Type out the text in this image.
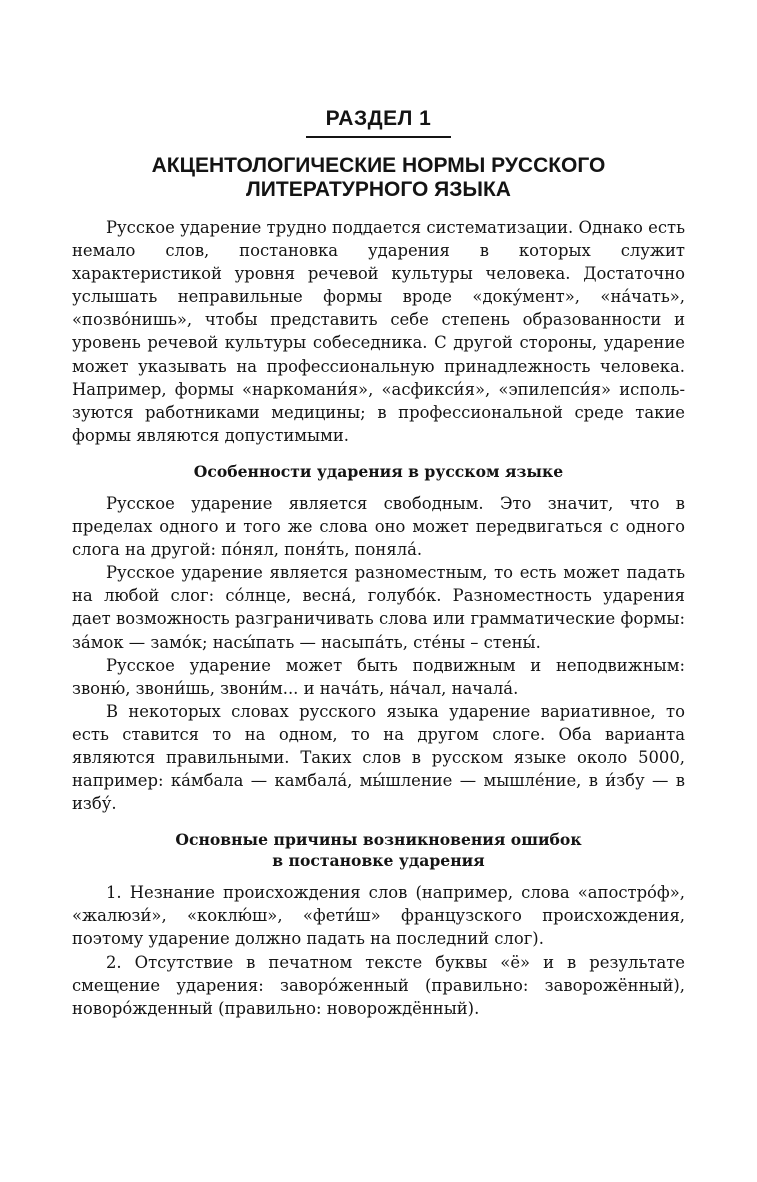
РАЗДЕЛ 1
АКЦЕНТОЛОГИЧЕСКИЕ НОРМЫ РУССКОГО
ЛИТЕРАТУРНОГО ЯЗЫКА

Русское ударение трудно поддается систематизации. Однако есть немало слов, постановка ударения в которых служит характеристикой уровня речевой культуры человека. Достаточно услышать неправильные формы вроде «доку́мент», «на́чать», «позво́нишь», чтобы представить себе степень образованности и уровень речевой культуры собеседника. С другой стороны, ударение может указывать на профессиональную принадлежность человека. Например, формы «наркомани́я», «асфикси́я», «эпилепси́я» используются работниками медицины; в профессиональной среде такие формы являются допустимыми.

Особенности ударения в русском языке

Русское ударение является свободным. Это значит, что в пределах одного и того же слова оно может передвигаться с одного слога на другой: по́нял, поня́ть, поняла́.

Русское ударение является разноместным, то есть может падать на любой слог: со́лнце, весна́, голубо́к. Разноместность ударения дает возможность разграничивать слова или грамматические формы: за́мок — замо́к; насы́пать — насыпа́ть, сте́ны – стены́.

Русское ударение может быть подвижным и неподвижным: звоню́, звони́шь, звони́м... и нача́ть, на́чал, начала́.

В некоторых словах русского языка ударение вариативное, то есть ставится то на одном, то на другом слоге. Оба варианта являются правильными. Таких слов в русском языке около 5000, например: ка́мбала — камбала́, мы́шление — мышле́ние, в и́збу — в избу́.

Основные причины возникновения ошибок
в постановке ударения

1. Незнание происхождения слов (например, слова «апостро́ф», «жалюзи́», «коклю́ш», «фети́ш» французского происхождения, поэтому ударение должно падать на последний слог).

2. Отсутствие в печатном тексте буквы «ё» и в результате смещение ударения: заворо́женный (правильно: заворожённый), новоро́жденный (правильно: новорождённый).
